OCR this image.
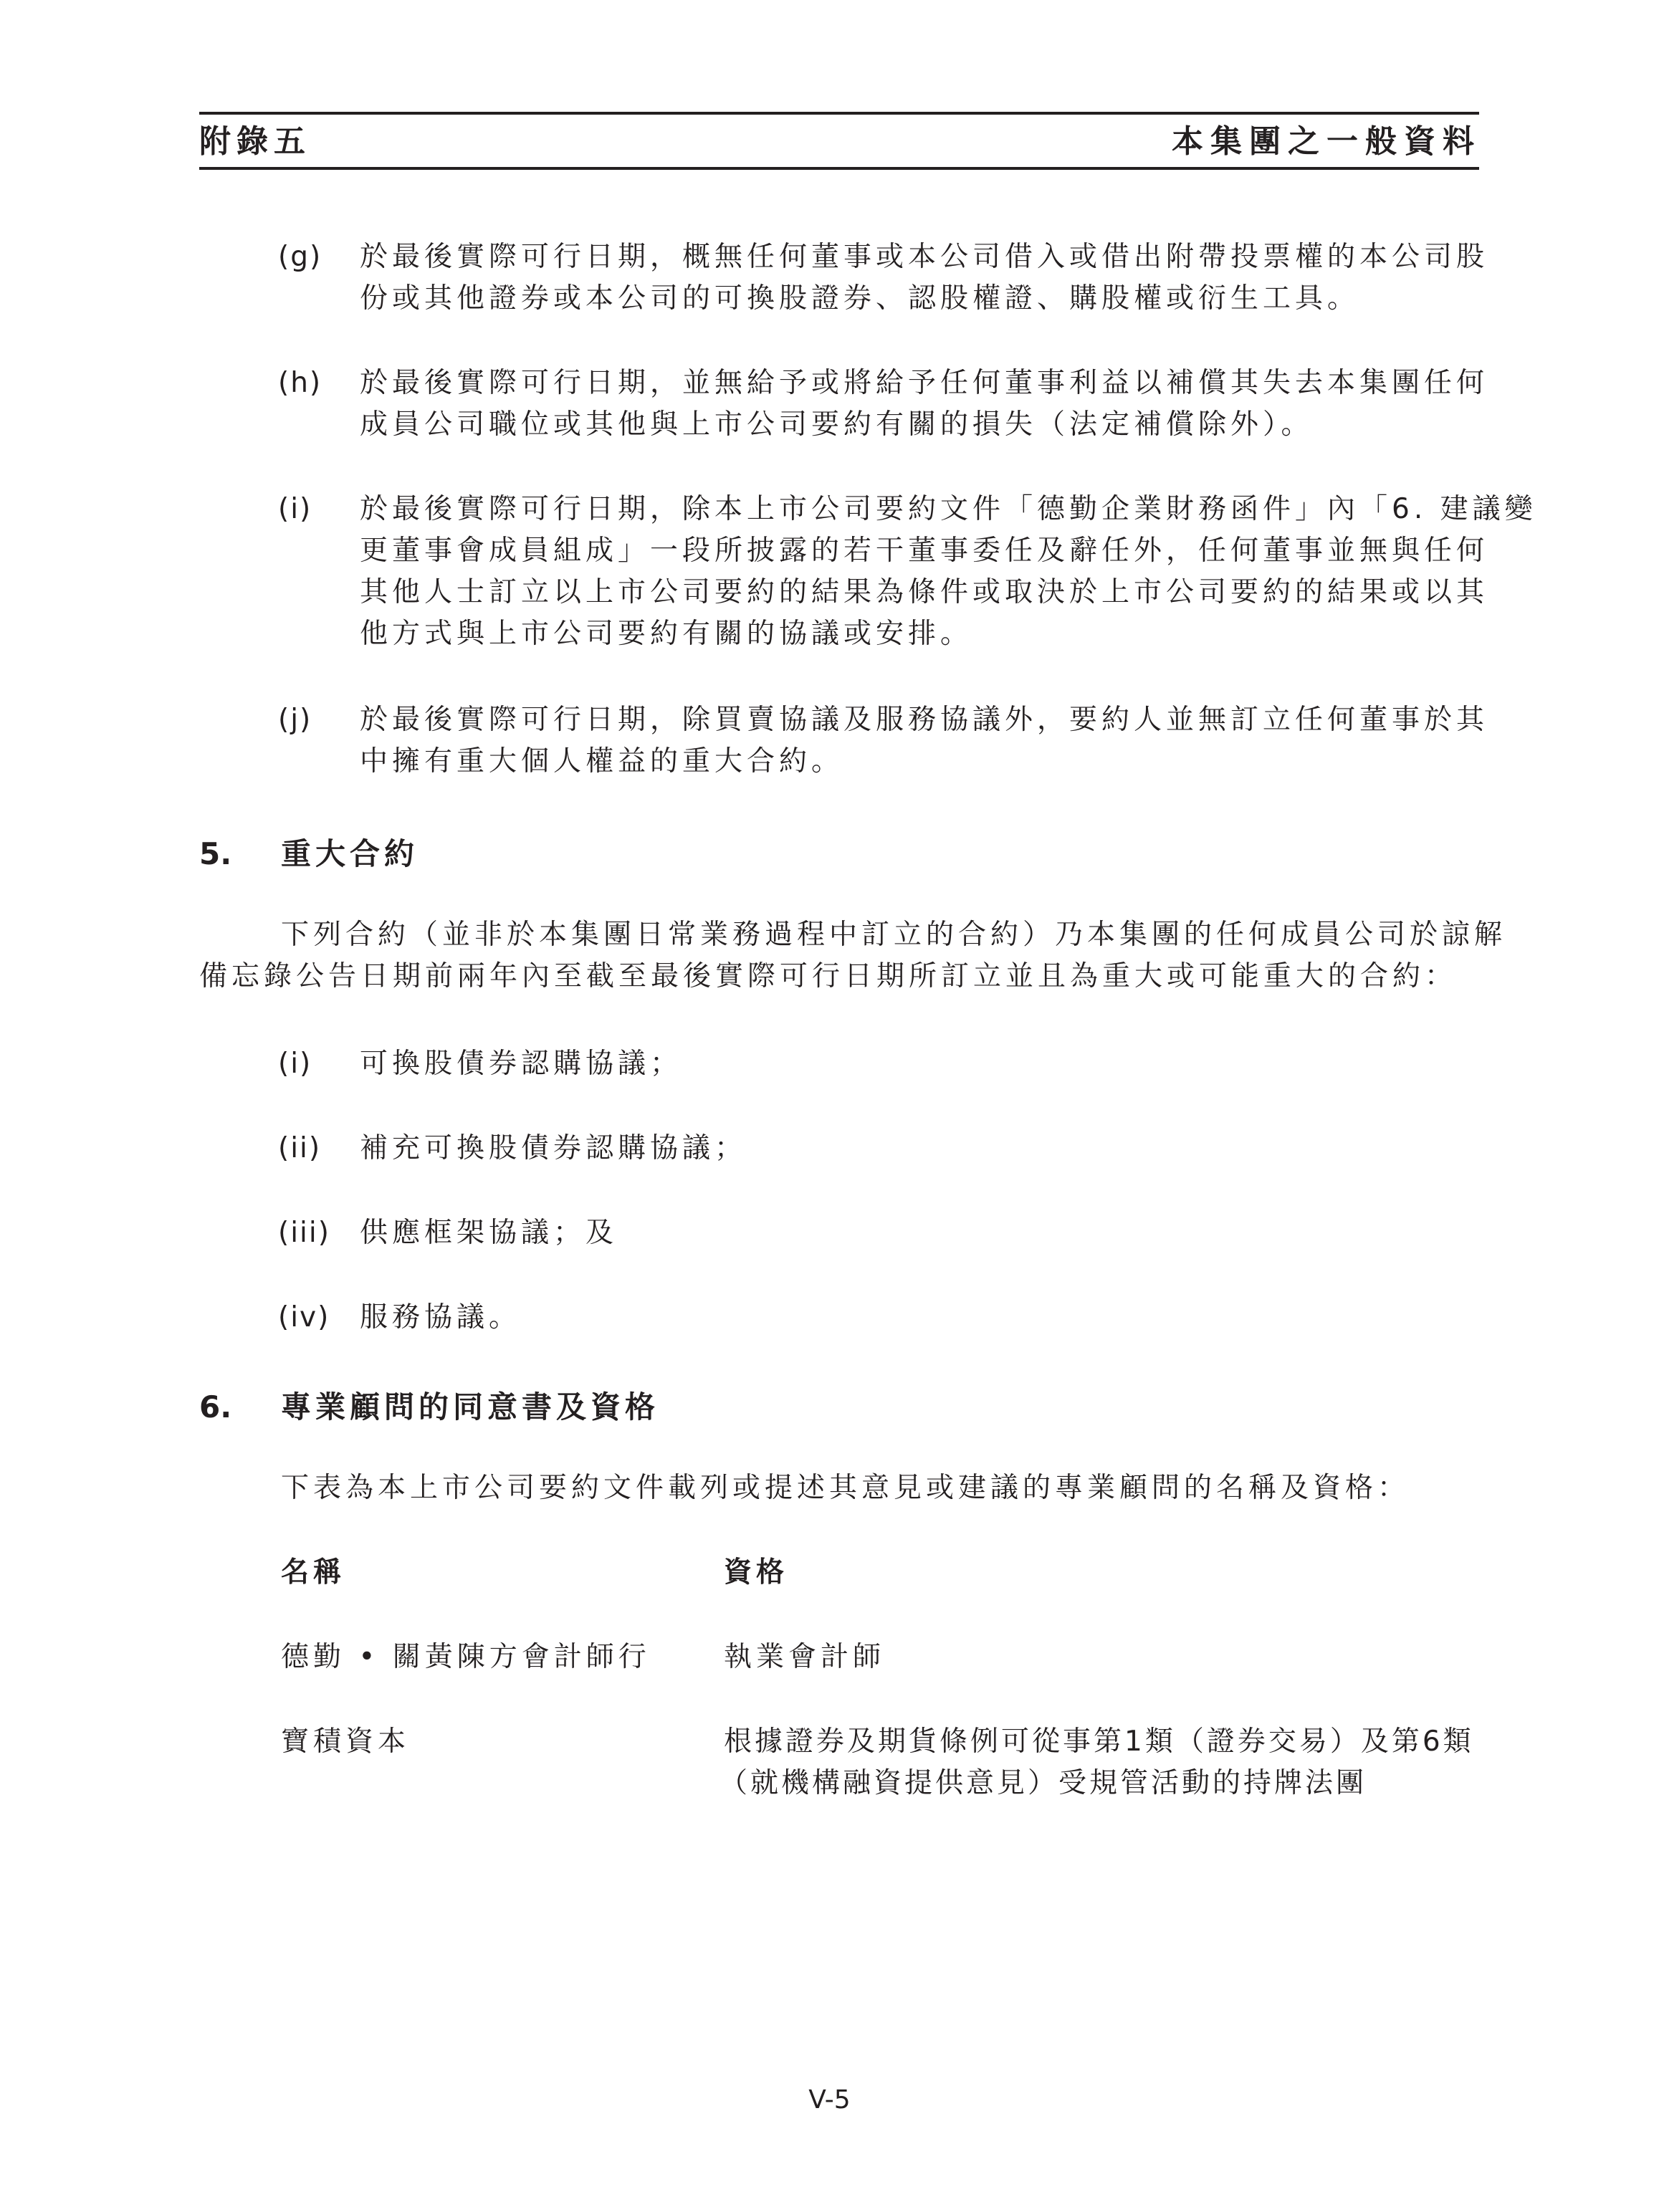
附錄五	本集團之一般資料
(g) 於最後實際可行日期，概無任何董事或本公司借入或借出附帶投票權的本公司股
份或其他證券或本公司的可換股證券、認股權證、購股權或衍生工具。
(h) 於最後實際可行日期，並無給予或將給予任何董事利益以補償其失去本集團任何
成員公司職位或其他與上市公司要約有關的損失（法定補償除外）。
(i) 於最後實際可行日期，除本上市公司要約文件「德勤企業財務函件」內「6. 建議變
更董事會成員組成」一段所披露的若干董事委任及辭任外，任何董事並無與任何
其他人士訂立以上市公司要約的結果為條件或取決於上市公司要約的結果或以其
他方式與上市公司要約有關的協議或安排。
(j) 於最後實際可行日期，除買賣協議及服務協議外，要約人並無訂立任何董事於其
中擁有重大個人權益的重大合約。
5. 重大合約
下列合約（並非於本集團日常業務過程中訂立的合約）乃本集團的任何成員公司於諒解
備忘錄公告日期前兩年內至截至最後實際可行日期所訂立並且為重大或可能重大的合約：
(i) 可換股債券認購協議；
(ii) 補充可換股債券認購協議；
(iii) 供應框架協議；及
(iv) 服務協議。
6. 專業顧問的同意書及資格
下表為本上市公司要約文件載列或提述其意見或建議的專業顧問的名稱及資格：
名稱	資格
德勤 • 關黃陳方會計師行	執業會計師
寶積資本	根據證券及期貨條例可從事第1類（證券交易）及第6類
（就機構融資提供意見）受規管活動的持牌法團
V-5
